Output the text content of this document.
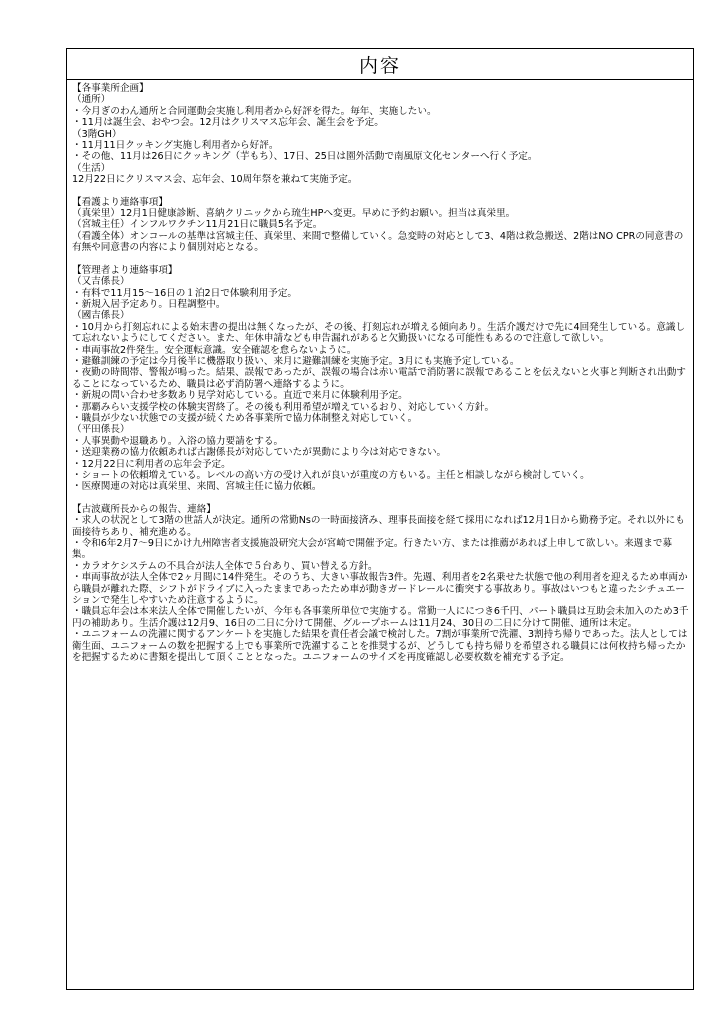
内容
【各事業所企画】
（通所）
・今月ぎのわん通所と合同運動会実施し利用者から好評を得た。毎年、実施したい。
・11月は誕生会、おやつ会。12月はクリスマス忘年会、誕生会を予定。
（3階GH）
・11月11日クッキング実施し利用者から好評。
・その他、11月は26日にクッキング（芋もち）、17日、25日は園外活動で南風原文化センターへ行く予定。
（生活）
12月22日にクリスマス会、忘年会、10周年祭を兼ねて実施予定。
【看護より連絡事項】
（真栄里）12月1日健康診断、喜納クリニックから琉生HPへ変更。早めに予約お願い。担当は真栄里。
（宮城主任）インフルワクチン11月21日に職員5名予定。
（看護全体）オンコールの基準は宮城主任、真栄里、来間で整備していく。急変時の対応として3、4階は救急搬送、2階はNO CPRの同意書の有無や同意書の内容により個別対応となる。
【管理者より連絡事項】
（又吉係長）
・有料で11月15～16日の１泊2日で体験利用予定。
・新規入居予定あり。日程調整中。
（國吉係長）
・10月から打刻忘れによる始末書の提出は無くなったが、その後、打刻忘れが増える傾向あり。生活介護だけで先に4回発生している。意識して忘れないようにしてください。また、年休申請なども申告漏れがあると欠勤扱いになる可能性もあるので注意して欲しい。
・車両事故2件発生。安全運転意識。安全確認を怠らないように。
・避難訓練の予定は今月後半に機器取り扱い、来月に避難訓練を実施予定。3月にも実施予定している。
・夜勤の時間帯、警報が鳴った。結果、誤報であったが、誤報の場合は赤い電話で消防署に誤報であることを伝えないと火事と判断され出動することになっているため、職員は必ず消防署へ連絡するように。
・新規の問い合わせ多数あり見学対応している。直近で来月に体験利用予定。
・那覇みらい支援学校の体験実習終了。その後も利用希望が増えているおり、対応していく方針。
・職員が少ない状態での支援が続くため各事業所で協力体制整え対応していく。
（平田係長）
・人事異動や退職あり。入浴の協力要請をする。
・送迎業務の協力依頼あれば古謝係長が対応していたが異動により今は対応できない。
・12月22日に利用者の忘年会予定。
・ショートの依頼増えている。レベルの高い方の受け入れが良いが重度の方もいる。主任と相談しながら検討していく。
・医療関連の対応は真栄里、来間、宮城主任に協力依頼。
【古波蔵所長からの報告、連絡】
・求人の状況として3階の世話人が決定。通所の常勤Nsの一時面接済み、理事長面接を経て採用になれば12月1日から勤務予定。それ以外にも面接待ちあり、補充進める。
・令和6年2月7～9日にかけ九州障害者支援施設研究大会が宮崎で開催予定。行きたい方、または推薦があれば上申して欲しい。来週まで募集。
・カラオケシステムの不具合が法人全体で５台あり、買い替える方針。
・車両事故が法人全体で2ヶ月間に14件発生。そのうち、大きい事故報告3件。先週、利用者を2名乗せた状態で他の利用者を迎えるため車両から職員が離れた際、シフトがドライブに入ったままであったため車が動きガードレールに衝突する事故あり。事故はいつもと違ったシチュエーションで発生しやすいため注意するように。
・職員忘年会は本来法人全体で開催したいが、今年も各事業所単位で実施する。常勤一人ににつき6千円、パート職員は互助会未加入のため3千円の補助あり。生活介護は12月9、16日の二日に分けて開催、グループホームは11月24、30日の二日に分けて開催、通所は未定。
・ユニフォームの洗濯に関するアンケートを実施した結果を責任者会議で検討した。7割が事業所で洗濯、3割持ち帰りであった。法人としては衛生面、ユニフォームの数を把握する上でも事業所で洗濯することを推奨するが、どうしても持ち帰りを希望される職員には何枚持ち帰ったかを把握するために書類を提出して頂くこととなった。ユニフォームのサイズを再度確認し必要枚数を補充する予定。
